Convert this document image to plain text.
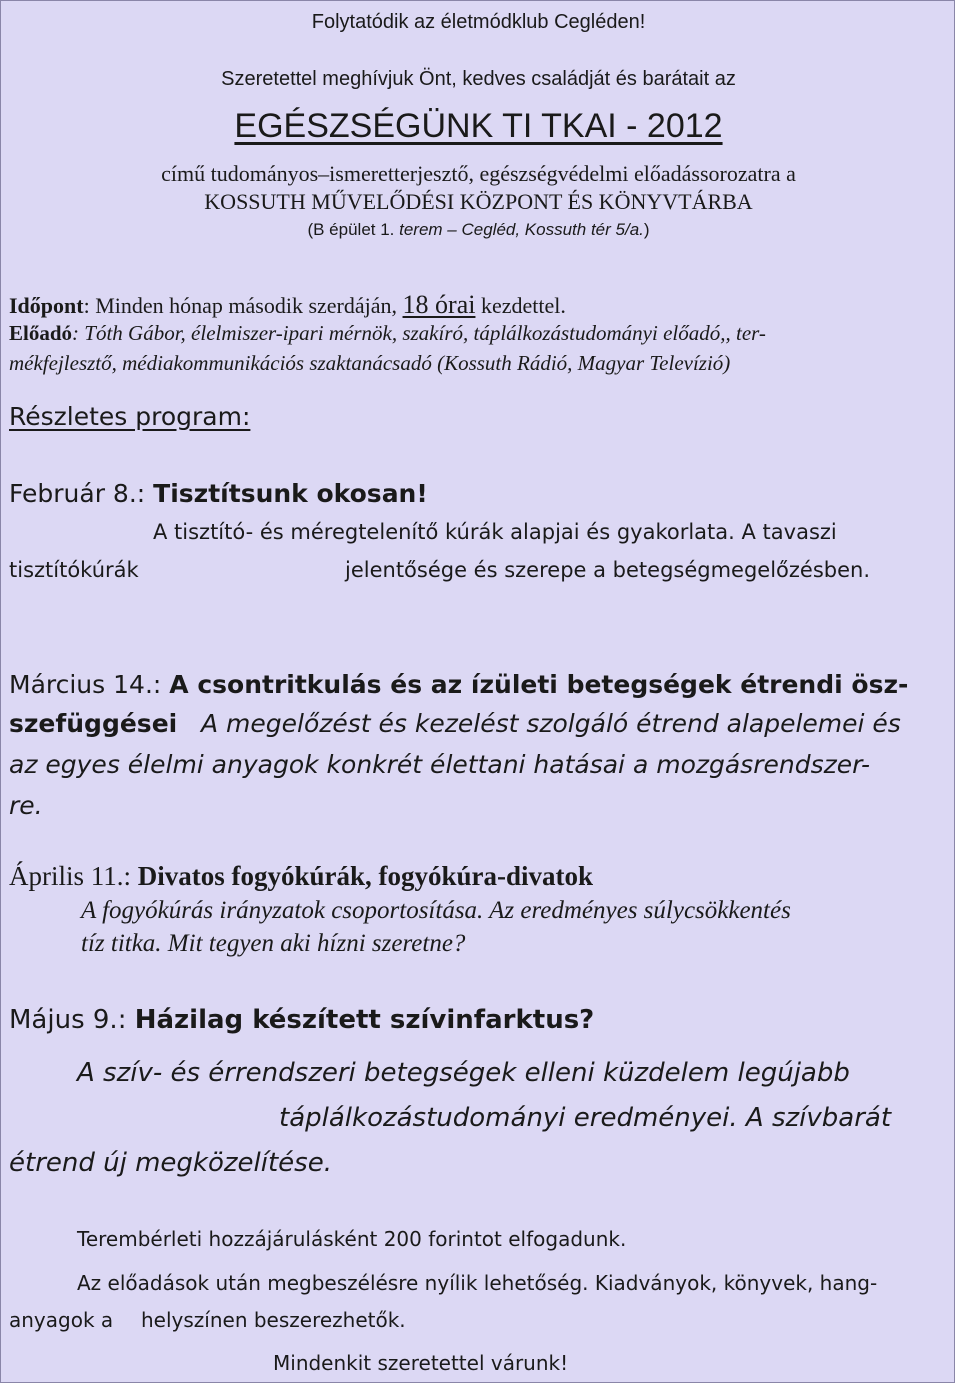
Folytatódik az életmódklub Cegléden!

Szeretettel meghívjuk Önt, kedves családját és barátait az

EGÉSZSÉGÜNK TI TKAI - 2012

című tudományos–ismeretterjesztő, egészségvédelmi előadássorozatra a

KOSSUTH MŰVELŐDÉSI KÖZPONT ÉS KÖNYVTÁRBA

(B épület 1. terem – Cegléd, Kossuth tér 5/a.)

Időpont: Minden hónap második szerdáján, 18 órai kezdettel.

Előadó: Tóth Gábor, élelmiszer-ipari mérnök, szakíró, táplálkozástudományi előadó,, ter-

mékfejlesztő, médiakommunikációs szaktanácsadó (Kossuth Rádió, Magyar Televízió)

Részletes program:

Február 8.: Tisztítsunk okosan!

A tisztító- és méregtelenítő kúrák alapjai és gyakorlata. A tavaszi

tisztítókúrák	jelentősége és szerepe a betegségmegelőzésben.

Március 14.: A csontritkulás és az ízületi betegségek étrendi ösz-

szefüggései A megelőzést és kezelést szolgáló étrend alapelemei és

az egyes élelmi anyagok konkrét élettani hatásai a mozgásrendszer-

re.

Április 11.: Divatos fogyókúrák, fogyókúra-divatok

A fogyókúrás irányzatok csoportosítása. Az eredményes súlycsökkentés

tíz titka. Mit tegyen aki hízni szeretne?

Május 9.: Házilag készített szívinfarktus?

A szív- és érrendszeri betegségek elleni küzdelem legújabb

táplálkozástudományi eredményei. A szívbarát

étrend új megközelítése.

Terembérleti hozzájárulásként 200 forintot elfogadunk.

Az előadások után megbeszélésre nyílik lehetőség. Kiadványok, könyvek, hang-

anyagok a helyszínen beszerezhetők.

Mindenkit szeretettel várunk!
